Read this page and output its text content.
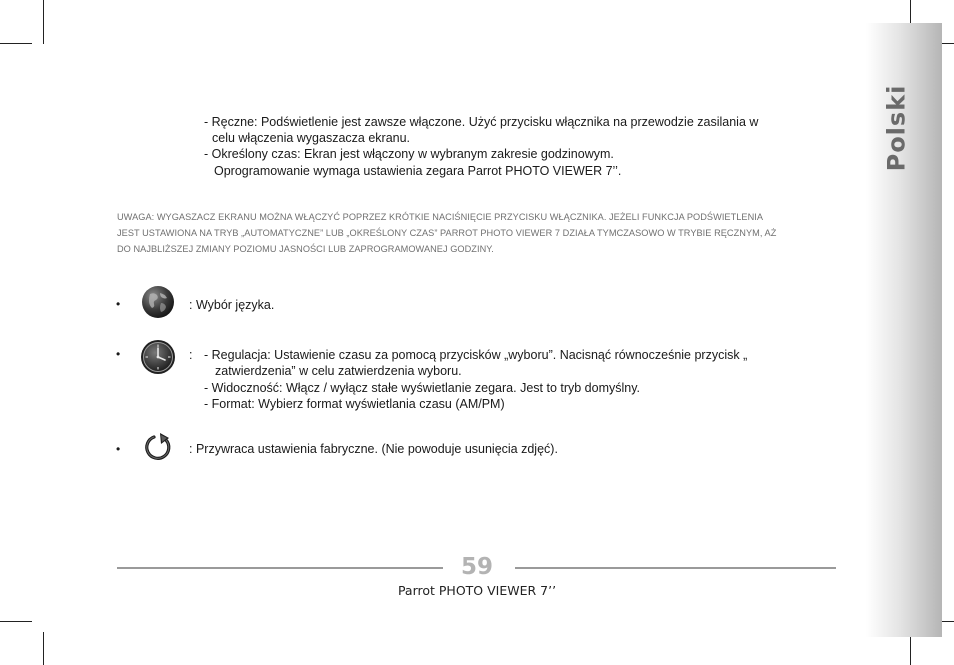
Polski
- Ręczne: Podświetlenie jest zawsze włączone. Użyć przycisku włącznika na przewodzie zasilania w
celu włączenia wygaszacza ekranu.
- Określony czas: Ekran jest włączony w wybranym zakresie godzinowym.
Oprogramowanie wymaga ustawienia zegara Parrot PHOTO VIEWER 7’’.
UWAGA: WYGASZACZ EKRANU MOŻNA WŁĄCZYĆ POPRZEZ KRÓTKIE NACIŚNIĘCIE PRZYCISKU WŁĄCZNIKA. JEŻELI FUNKCJA PODŚWIETLENIA
JEST USTAWIONA NA TRYB „AUTOMATYCZNE” LUB „OKREŚLONY CZAS” PARROT PHOTO VIEWER 7 DZIAŁA TYMCZASOWO W TRYBIE RĘCZNYM, AŻ
DO NAJBLIŻSZEJ ZMIANY POZIOMU JASNOŚCI LUB ZAPROGRAMOWANEJ GODZINY.
•	: Wybór języka.
•	: - Regulacja: Ustawienie czasu za pomocą przycisków „wyboru”. Nacisnąć równocześnie przycisk „
zatwierdzenia” w celu zatwierdzenia wyboru.
- Widoczność: Włącz / wyłącz stałe wyświetlanie zegara. Jest to tryb domyślny.
- Format: Wybierz format wyświetlania czasu (AM/PM)
•	: Przywraca ustawienia fabryczne. (Nie powoduje usunięcia zdjęć).
59
Parrot PHOTO VIEWER 7’’
